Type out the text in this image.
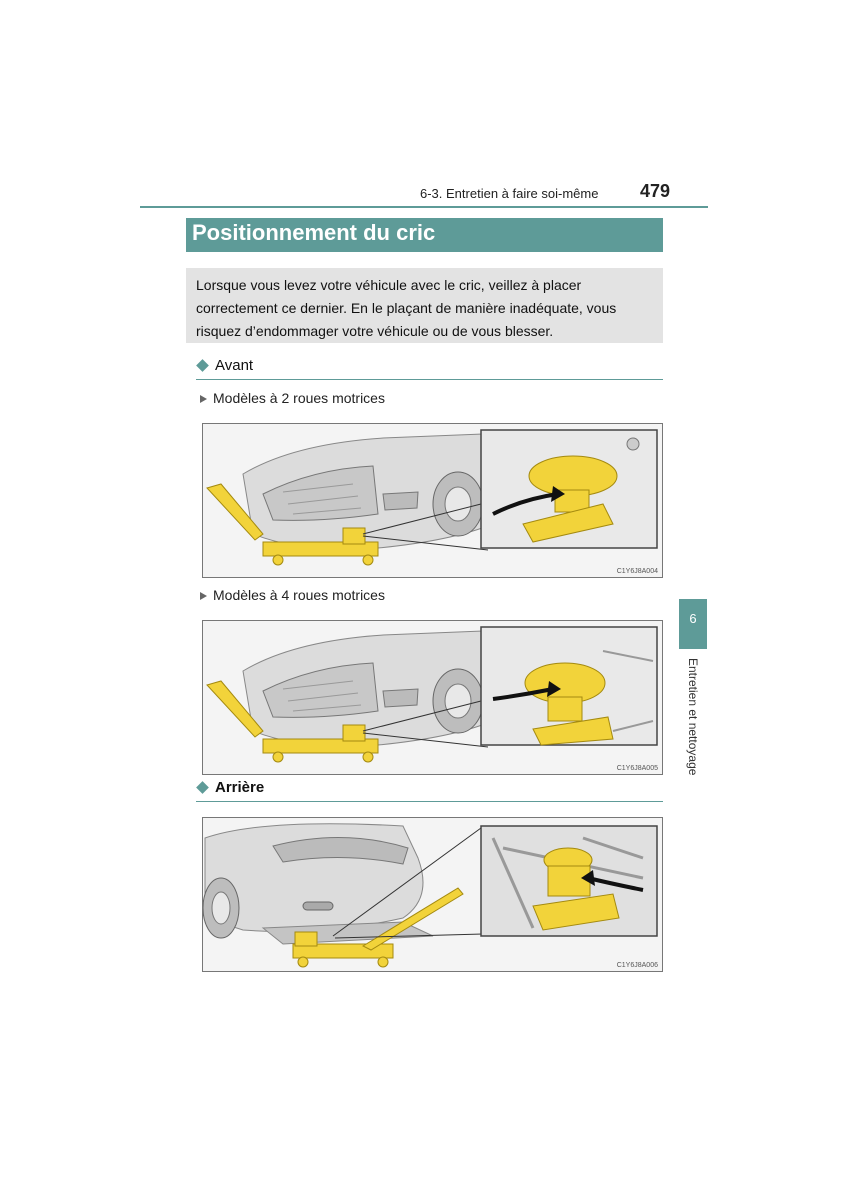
6-3. Entretien à faire soi-même 479
Positionnement du cric
Lorsque vous levez votre véhicule avec le cric, veillez à placer correctement ce dernier. En le plaçant de manière inadéquate, vous risquez d’endommager votre véhicule ou de vous blesser.
Avant
Modèles à 2 roues motrices
C1Y6J8A004
Modèles à 4 roues motrices
C1Y6J8A005
Arrière
C1Y6J8A006
6
Entretien et nettoyage
